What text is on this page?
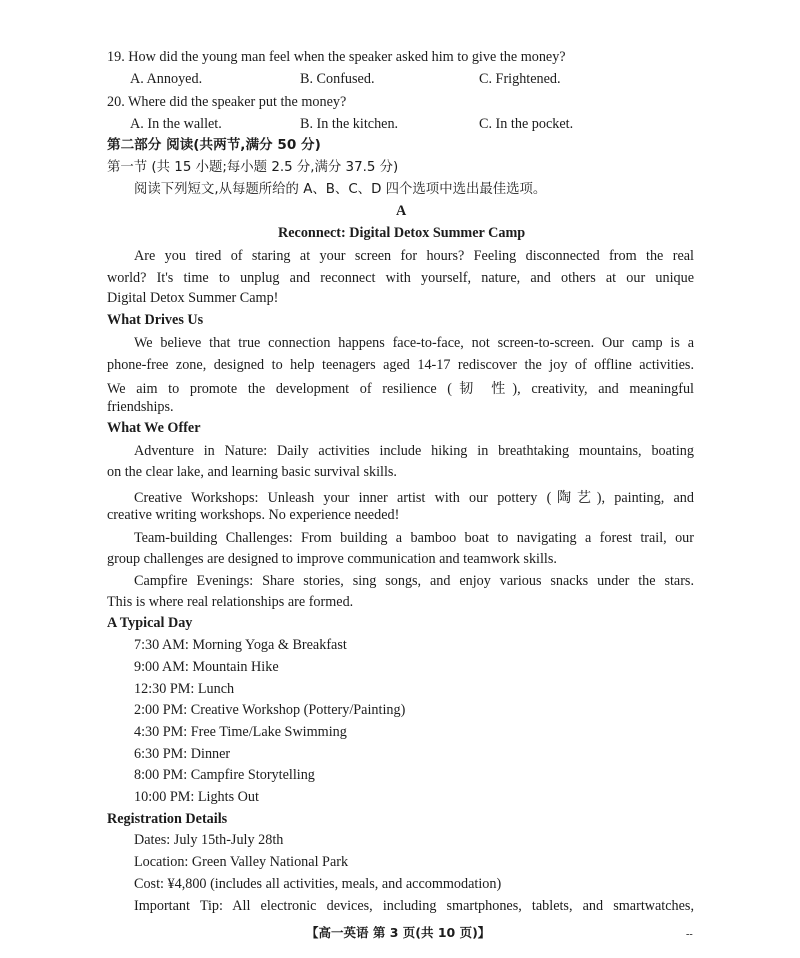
19. How did the young man feel when the speaker asked him to give the money?
A. Annoyed.	B. Confused.	C. Frightened.
20. Where did the speaker put the money?
A. In the wallet.	B. In the kitchen.	C. In the pocket.
第二部分 阅读(共两节,满分 50 分)
第一节 (共 15 小题;每小题 2.5 分,满分 37.5 分)
阅读下列短文,从每题所给的 A、B、C、D 四个选项中选出最佳选项。
A
Reconnect: Digital Detox Summer Camp
Are you tired of staring at your screen for hours? Feeling disconnected from the real
world? It's time to unplug and reconnect with yourself, nature, and others at our unique
Digital Detox Summer Camp!
What Drives Us
We believe that true connection happens face-to-face, not screen-to-screen. Our camp is a
phone-free zone, designed to help teenagers aged 14-17 rediscover the joy of offline activities.
We aim to promote the development of resilience (韧 性), creativity, and meaningful
friendships.
What We Offer
Adventure in Nature: Daily activities include hiking in breathtaking mountains, boating
on the clear lake, and learning basic survival skills.
Creative Workshops: Unleash your inner artist with our pottery (陶艺), painting, and
creative writing workshops. No experience needed!
Team-building Challenges: From building a bamboo boat to navigating a forest trail, our
group challenges are designed to improve communication and teamwork skills.
Campfire Evenings: Share stories, sing songs, and enjoy various snacks under the stars.
This is where real relationships are formed.
A Typical Day
7:30 AM: Morning Yoga & Breakfast
9:00 AM: Mountain Hike
12:30 PM: Lunch
2:00 PM: Creative Workshop (Pottery/Painting)
4:30 PM: Free Time/Lake Swimming
6:30 PM: Dinner
8:00 PM: Campfire Storytelling
10:00 PM: Lights Out
Registration Details
Dates: July 15th-July 28th
Location: Green Valley National Park
Cost: ¥4,800 (includes all activities, meals, and accommodation)
Important Tip: All electronic devices, including smartphones, tablets, and smartwatches,
【高一英语 第 3 页(共 10 页)】	--
